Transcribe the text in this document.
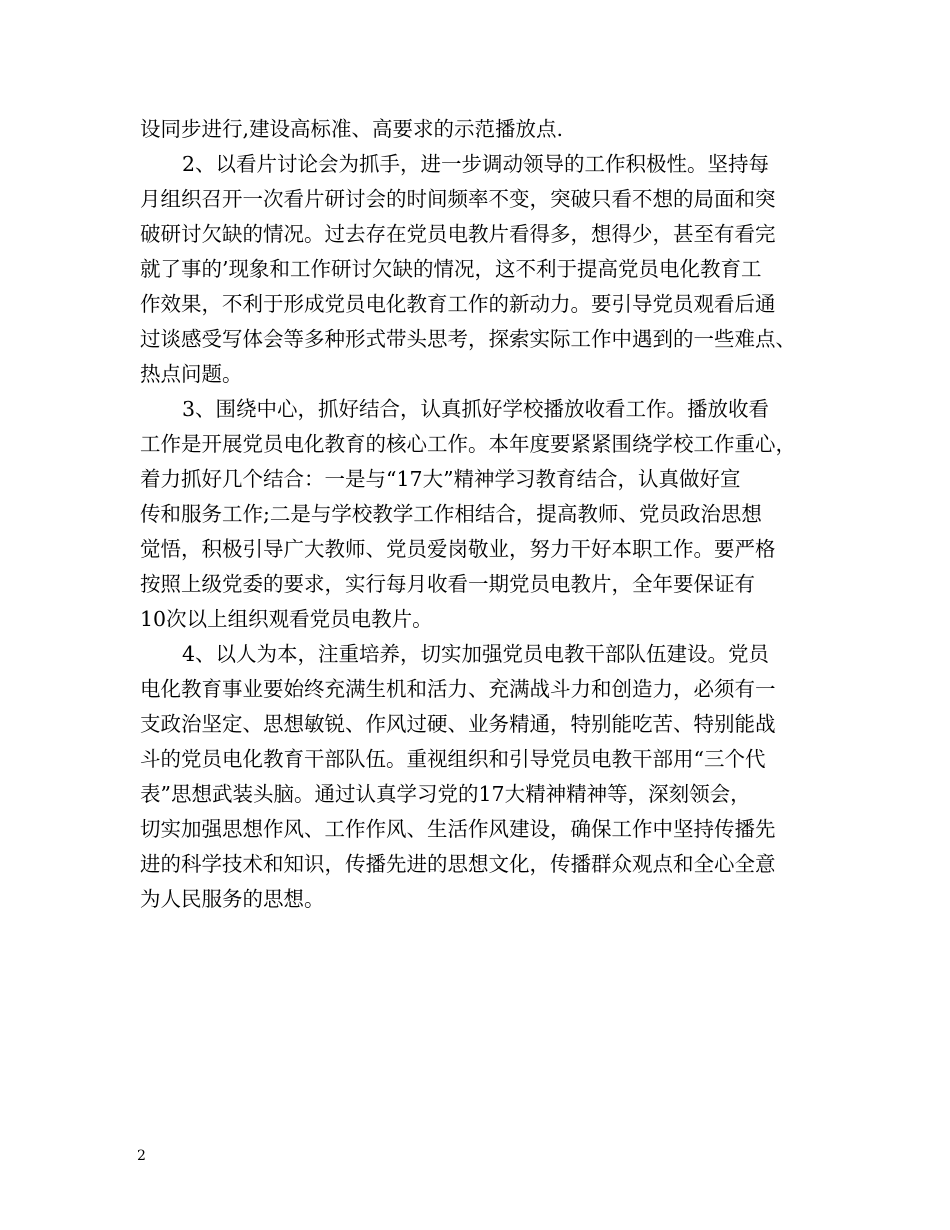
设同步进行,建设高标准、高要求的示范播放点.
2、以看片讨论会为抓手，进一步调动领导的工作积极性。坚持每
月组织召开一次看片研讨会的时间频率不变，突破只看不想的局面和突
破研讨欠缺的情况。过去存在党员电教片看得多，想得少，甚至有看完
就了事的’现象和工作研讨欠缺的情况，这不利于提高党员电化教育工
作效果，不利于形成党员电化教育工作的新动力。要引导党员观看后通
过谈感受写体会等多种形式带头思考，探索实际工作中遇到的一些难点、
热点问题。
3、围绕中心，抓好结合，认真抓好学校播放收看工作。播放收看
工作是开展党员电化教育的核心工作。本年度要紧紧围绕学校工作重心，
着力抓好几个结合：一是与“17大”精神学习教育结合，认真做好宣
传和服务工作;二是与学校教学工作相结合，提高教师、党员政治思想
觉悟，积极引导广大教师、党员爱岗敬业，努力干好本职工作。要严格
按照上级党委的要求，实行每月收看一期党员电教片，全年要保证有
10次以上组织观看党员电教片。
4、以人为本，注重培养，切实加强党员电教干部队伍建设。党员
电化教育事业要始终充满生机和活力、充满战斗力和创造力，必须有一
支政治坚定、思想敏锐、作风过硬、业务精通，特别能吃苦、特别能战
斗的党员电化教育干部队伍。重视组织和引导党员电教干部用“三个代
表”思想武装头脑。通过认真学习党的17大精神精神等，深刻领会，
切实加强思想作风、工作作风、生活作风建设，确保工作中坚持传播先
进的科学技术和知识，传播先进的思想文化，传播群众观点和全心全意
为人民服务的思想。
2
